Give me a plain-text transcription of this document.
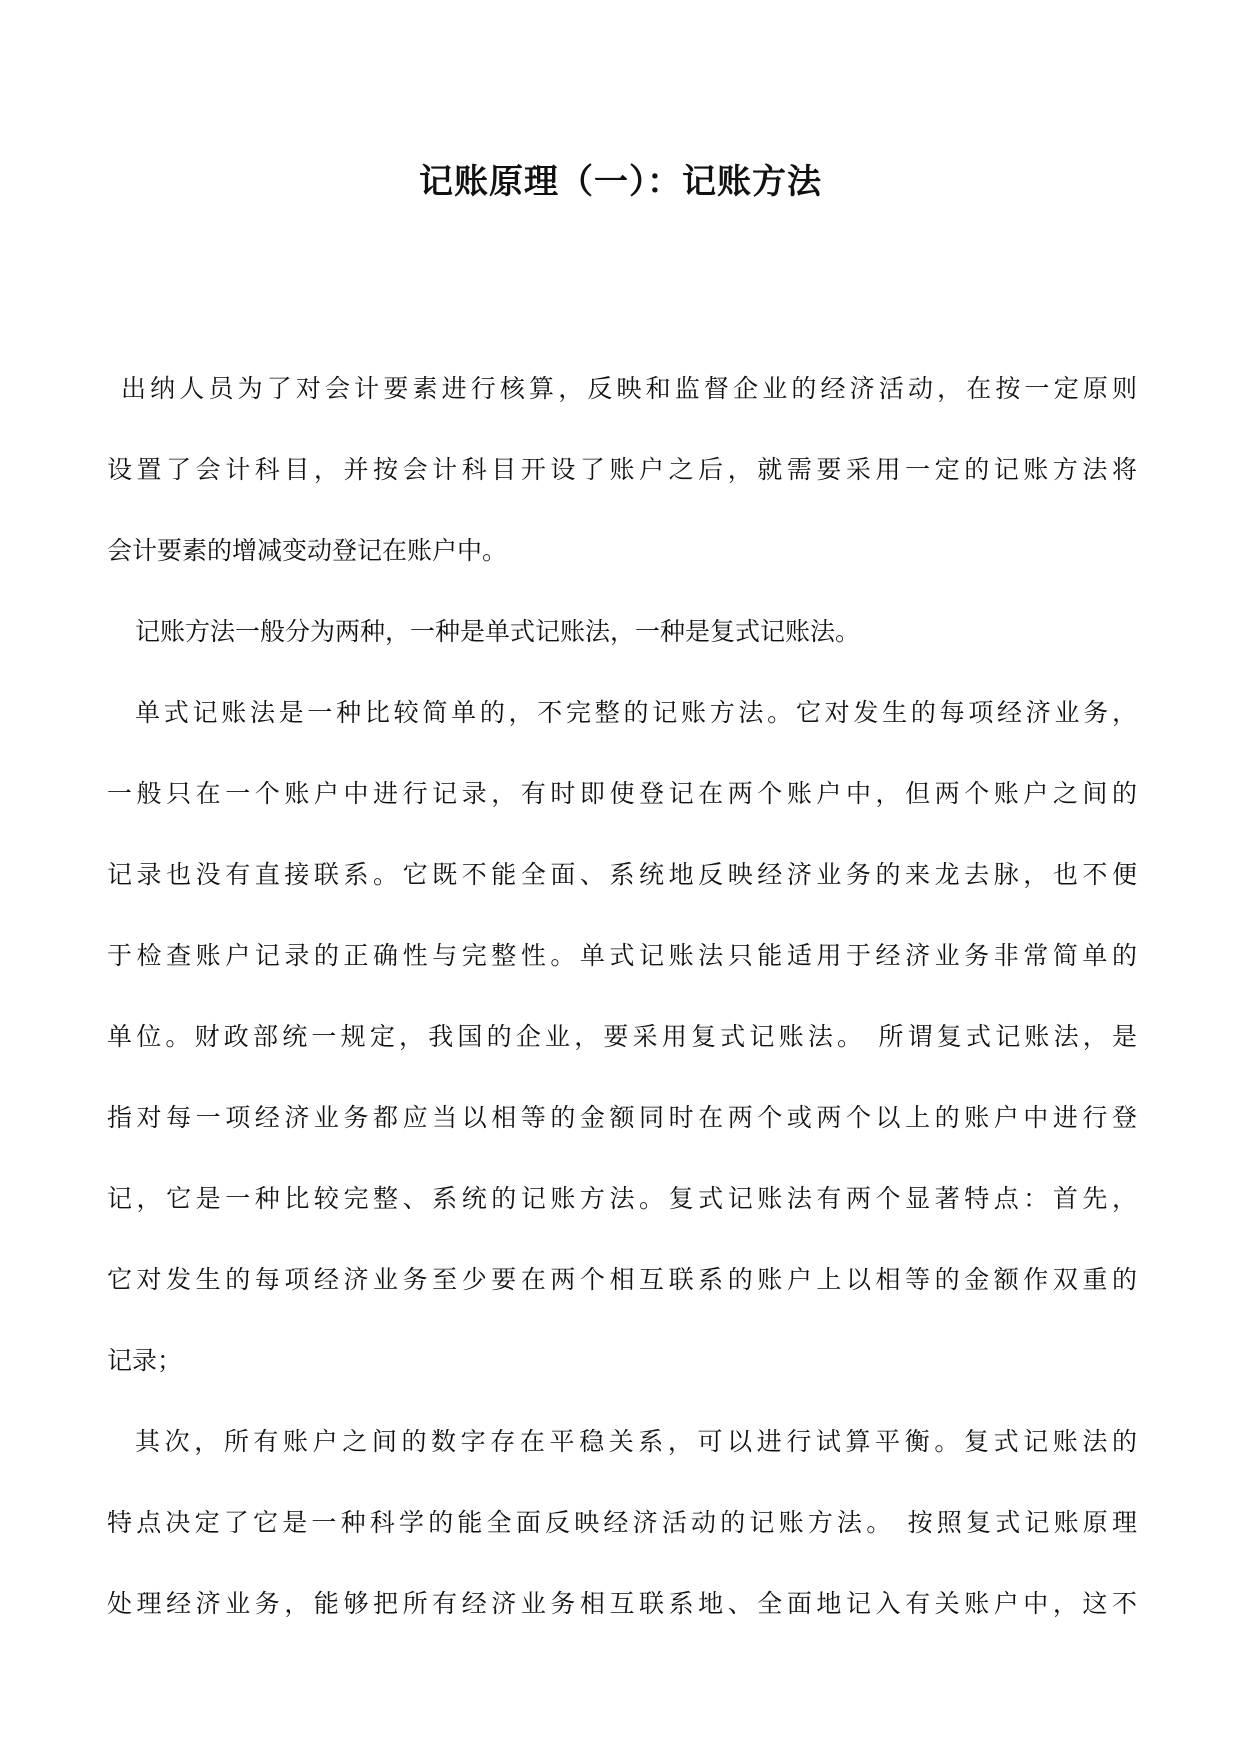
记账原理（一）：记账方法
出纳人员为了对会计要素进行核算，反映和监督企业的经济活动，在按一定原则
设置了会计科目，并按会计科目开设了账户之后，就需要采用一定的记账方法将
会计要素的增减变动登记在账户中。
记账方法一般分为两种，一种是单式记账法，一种是复式记账法。
单式记账法是一种比较简单的，不完整的记账方法。它对发生的每项经济业务，
一般只在一个账户中进行记录，有时即使登记在两个账户中，但两个账户之间的
记录也没有直接联系。它既不能全面、系统地反映经济业务的来龙去脉，也不便
于检查账户记录的正确性与完整性。单式记账法只能适用于经济业务非常简单的
单位。财政部统一规定，我国的企业，要采用复式记账法。 所谓复式记账法，是
指对每一项经济业务都应当以相等的金额同时在两个或两个以上的账户中进行登
记，它是一种比较完整、系统的记账方法。复式记账法有两个显著特点：首先，
它对发生的每项经济业务至少要在两个相互联系的账户上以相等的金额作双重的
记录；
其次，所有账户之间的数字存在平稳关系，可以进行试算平衡。复式记账法的
特点决定了它是一种科学的能全面反映经济活动的记账方法。 按照复式记账原理
处理经济业务，能够把所有经济业务相互联系地、全面地记入有关账户中，这不
